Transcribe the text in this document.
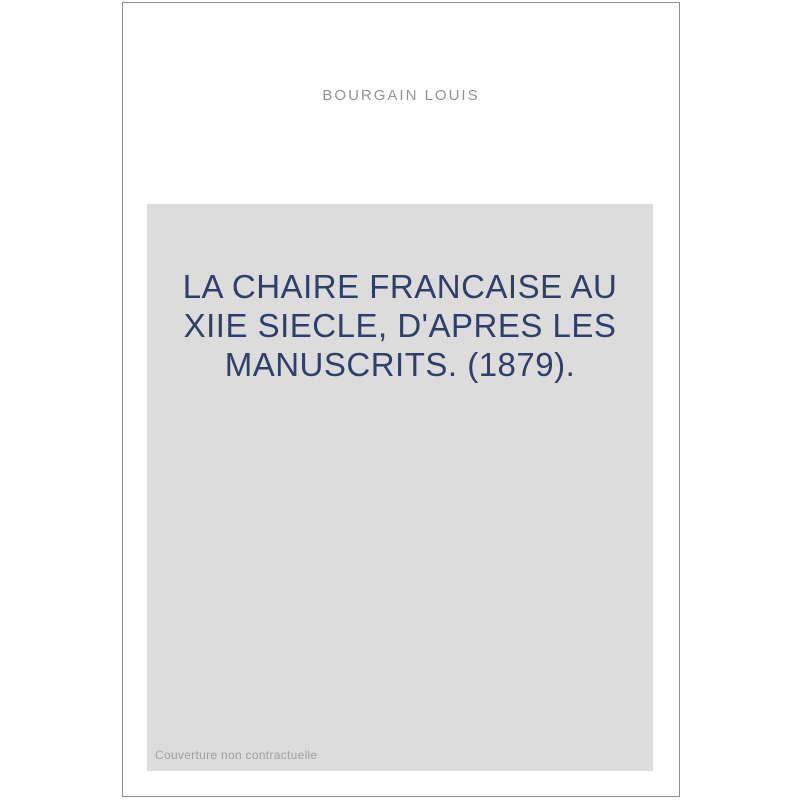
BOURGAIN LOUIS
LA CHAIRE FRANCAISE AU
XIIE SIECLE, D'APRES LES
MANUSCRITS. (1879).
Couverture non contractuelle
